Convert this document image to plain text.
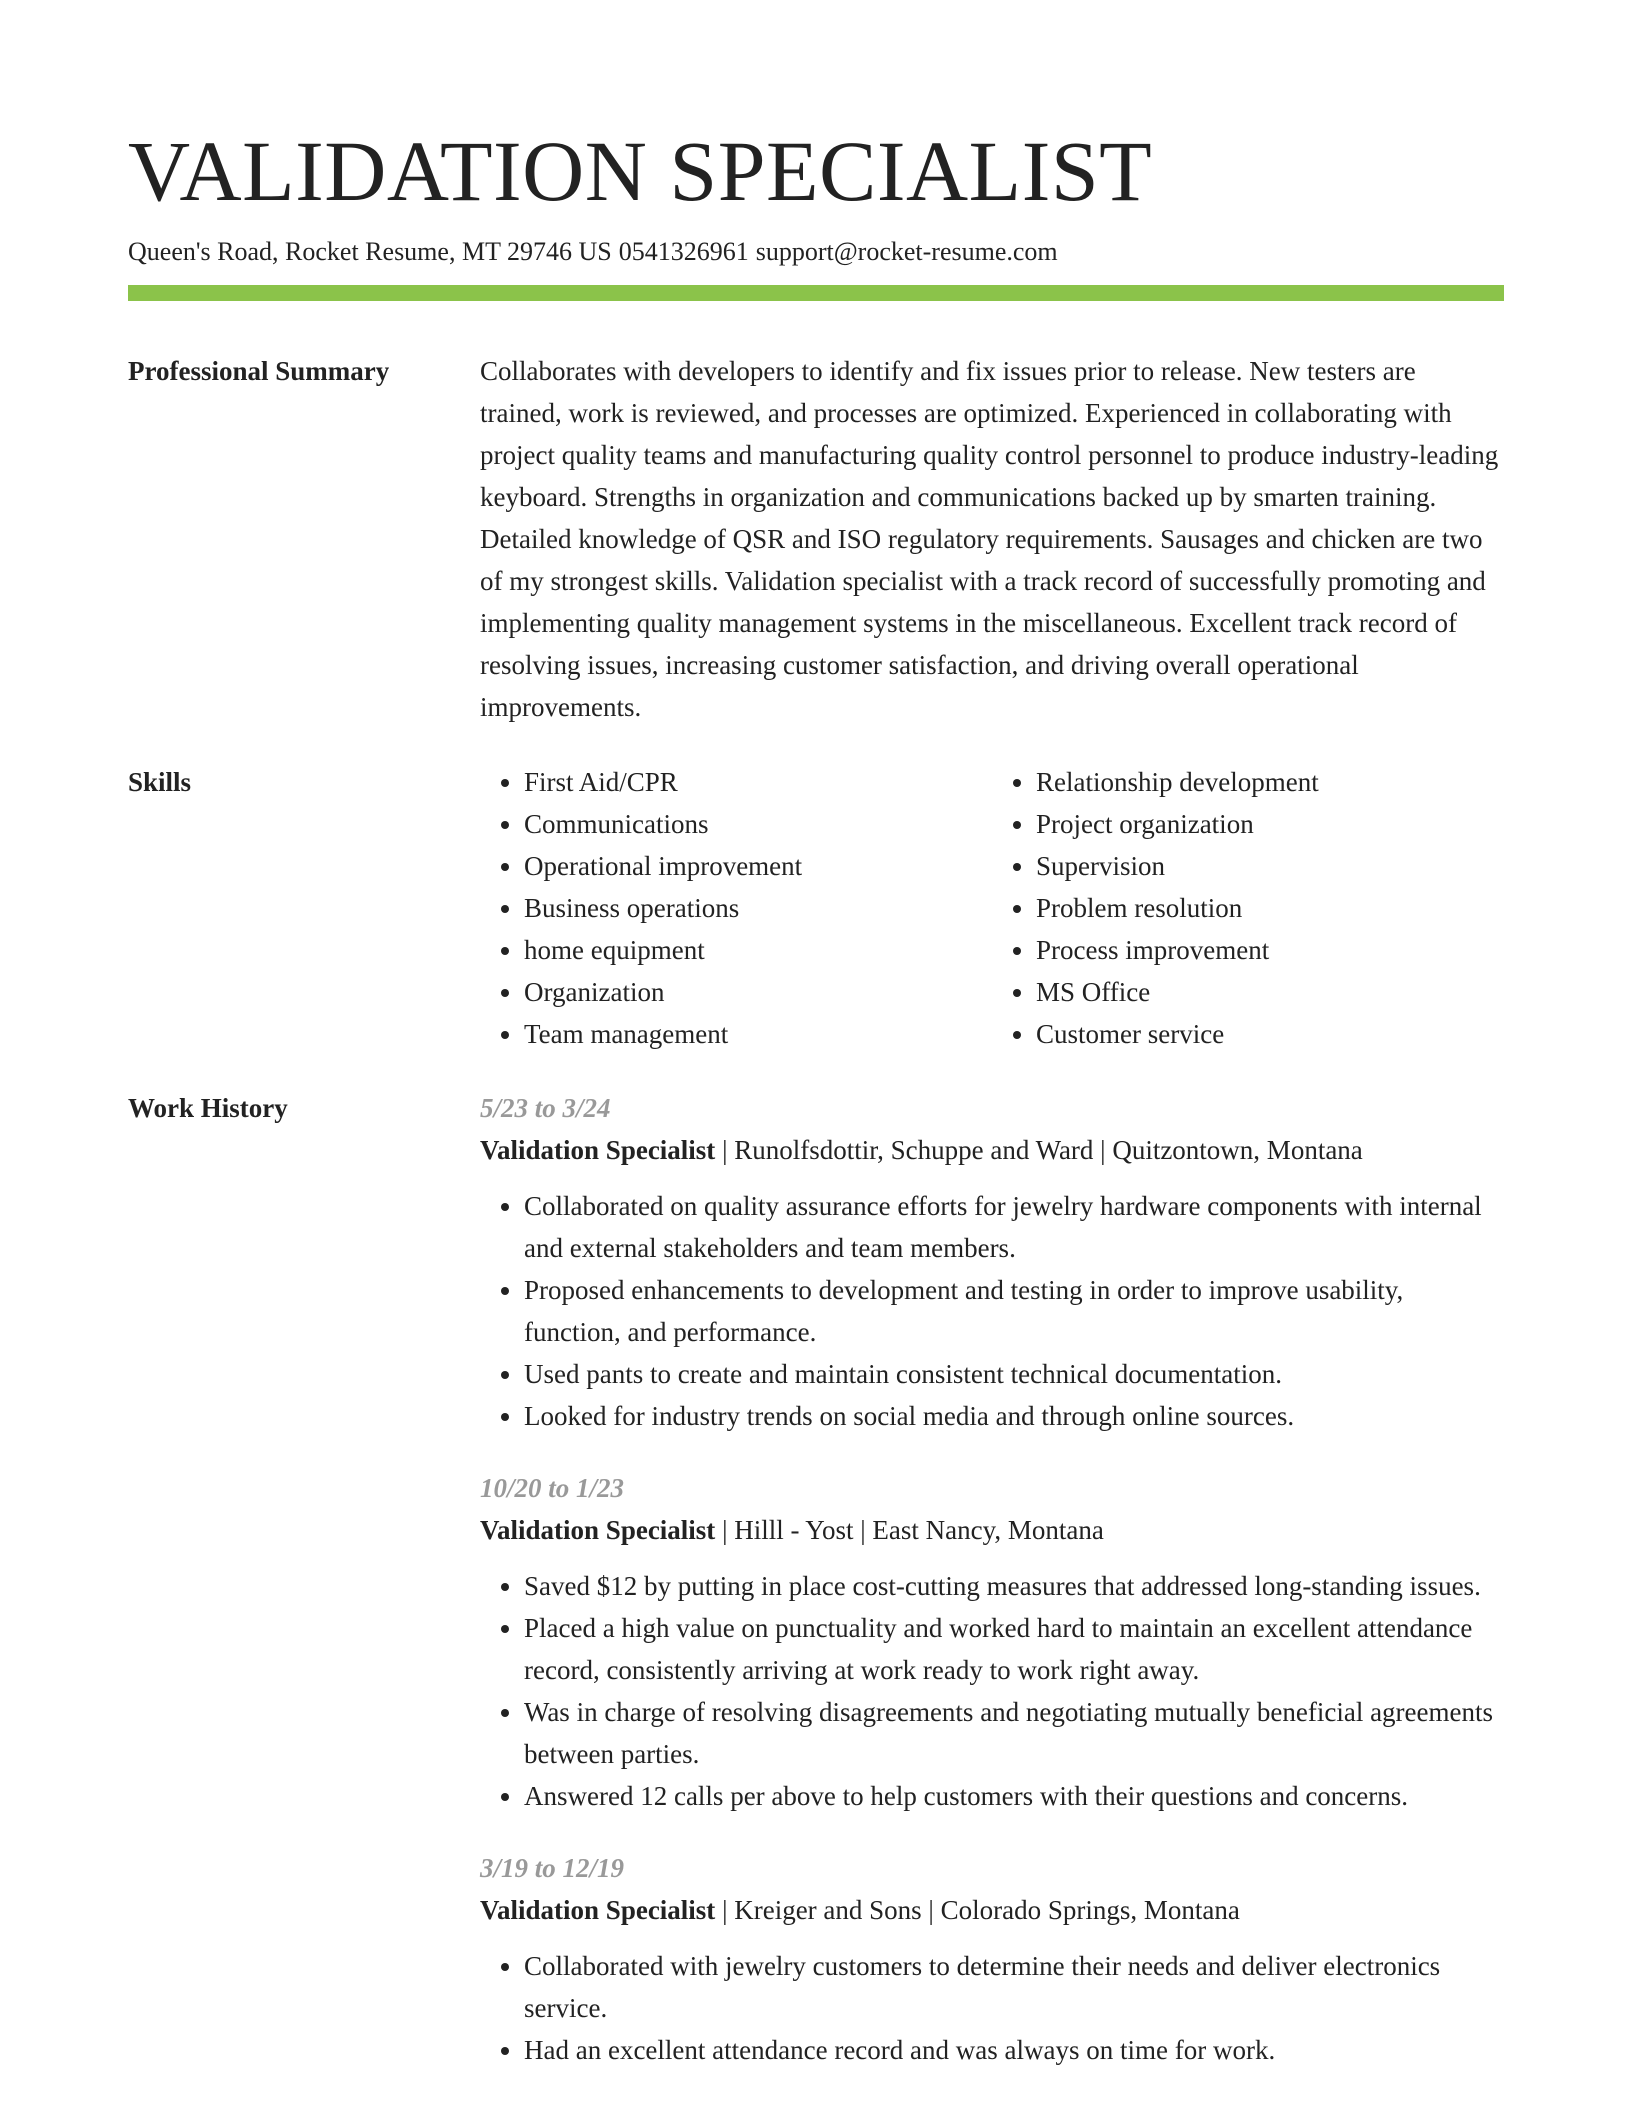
VALIDATION SPECIALIST
Queen's Road, Rocket Resume, MT 29746 US 0541326961 support@rocket-resume.com
Professional Summary	Collaborates with developers to identify and fix issues prior to release. New testers are trained, work is reviewed, and processes are optimized. Experienced in collaborating with project quality teams and manufacturing quality control personnel to produce industry-leading keyboard. Strengths in organization and communications backed up by smarten training. Detailed knowledge of QSR and ISO regulatory requirements. Sausages and chicken are two of my strongest skills. Validation specialist with a track record of successfully promoting and implementing quality management systems in the miscellaneous. Excellent track record of resolving issues, increasing customer satisfaction, and driving overall operational improvements.

Skills
•	First Aid/CPR
• Communications
• Operational improvement
• Business operations
• home equipment
• Organization
• Team management
• Relationship development
• Project organization
• Supervision
• Problem resolution
• Process improvement
• MS Office
• Customer service
Work History	5/23 to 3/24
Validation Specialist | Runolfsdottir, Schuppe and Ward | Quitzontown, Montana
• Collaborated on quality assurance efforts for jewelry hardware components with internal and external stakeholders and team members.
• Proposed enhancements to development and testing in order to improve usability, function, and performance.
• Used pants to create and maintain consistent technical documentation.
• Looked for industry trends on social media and through online sources.
10/20 to 1/23
Validation Specialist | Hilll - Yost | East Nancy, Montana
• Saved $12 by putting in place cost-cutting measures that addressed long-standing issues.
• Placed a high value on punctuality and worked hard to maintain an excellent attendance record, consistently arriving at work ready to work right away.
• Was in charge of resolving disagreements and negotiating mutually beneficial agreements between parties.
• Answered 12 calls per above to help customers with their questions and concerns.
3/19 to 12/19
Validation Specialist | Kreiger and Sons | Colorado Springs, Montana
• Collaborated with jewelry customers to determine their needs and deliver electronics service.
• Had an excellent attendance record and was always on time for work.
